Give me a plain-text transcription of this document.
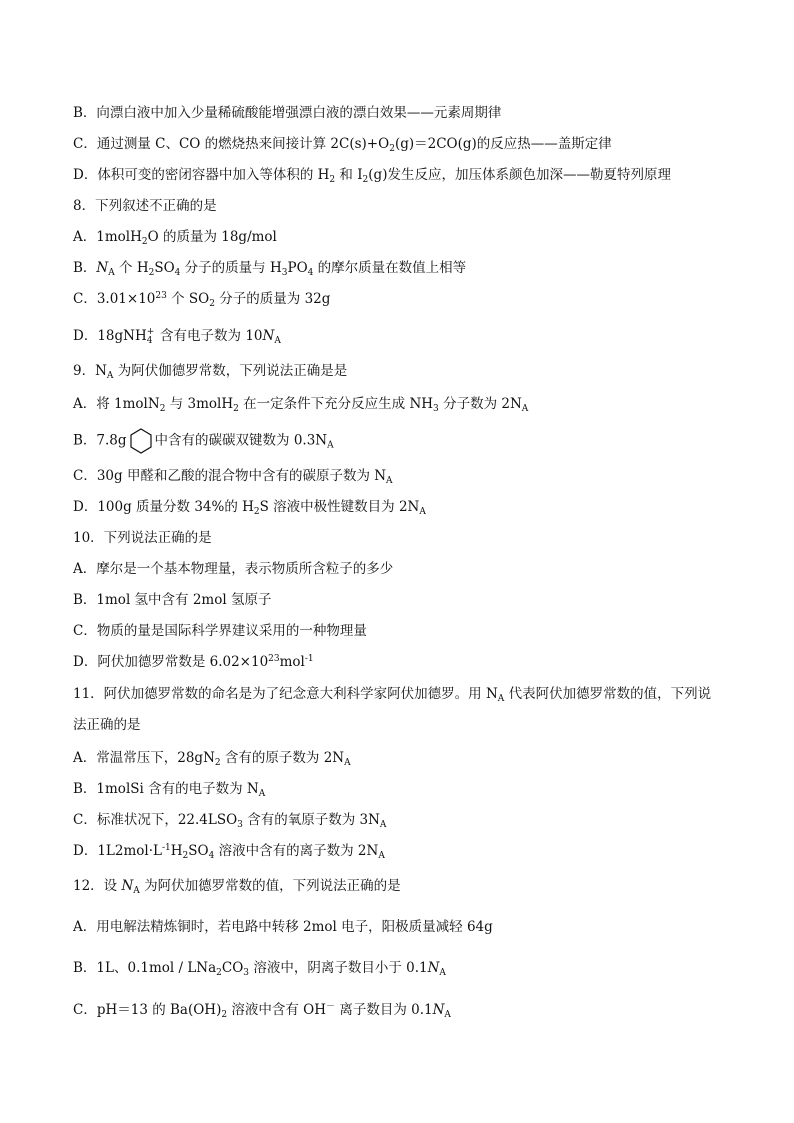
B．向漂白液中加入少量稀硫酸能增强漂白液的漂白效果——元素周期律
C．通过测量 C、CO 的燃烧热来间接计算 $2C(s)+O_2(g)=2CO(g)$的反应热——盖斯定律
D．体积可变的密闭容器中加入等体积的 $H_2$ 和 $I_2(g)$发生反应，加压体系颜色加深——勒夏特列原理
8．下列叙述不正确的是
A．1molH$_2$O 的质量为 18g/mol
B．$N_A$ 个 $H_2SO_4$ 分子的质量与 $H_3PO_4$ 的摩尔质量在数值上相等
C．$3.01\times 10^{23}$ 个 $SO_2$ 分子的质量为 32g
D．18gNH +
4 含有电子数为 $10N_A$
9．$N_A$ 为阿伏伽德罗常数，下列说法正确是是
A．将 1molN$_2$ 与 3molH$_2$ 在一定条件下充分反应生成 $NH_3$ 分子数为 $2N_A$
B．7.8g 中含有的碳碳双键数为 $0.3N_A$
C．30g 甲醛和乙酸的混合物中含有的碳原子数为 $N_A$
D．100g 质量分数 34%的 $H_2S$ 溶液中极性键数目为 $2N_A$
10．下列说法正确的是
A．摩尔是一个基本物理量，表示物质所含粒子的多少
B．1mol 氢中含有 2mol 氢原子
C．物质的量是国际科学界建议采用的一种物理量
D．阿伏加德罗常数是 $6.02\times 10^{23}mol^{-1}$
11．阿伏加德罗常数的命名是为了纪念意大利科学家阿伏加德罗。用 $N_A$ 代表阿伏加德罗常数的值，下列说
法正确的是
A．常温常压下，$28gN_2$ 含有的原子数为 $2N_A$
B．1molSi 含有的电子数为 $N_A$
C．标准状况下，$22.4LSO_3$ 含有的氧原子数为 $3N_A$
D．$1L2mol\cdot L^{-1}H_2SO_4$ 溶液中含有的离子数为 $2N_A$
12．设 $N_A$ 为阿伏加德罗常数的值，下列说法正确的是
A．用电解法精炼铜时，若电路中转移 2mol 电子，阳极质量减轻 64g
B．1L、$0.1mol / LNa_2CO_3$ 溶液中，阴离子数目小于 $0.1N_A$
C．pH＝13 的 $Ba(OH)_2$ 溶液中含有 OH－ 离子数目为 $0.1N_A$
